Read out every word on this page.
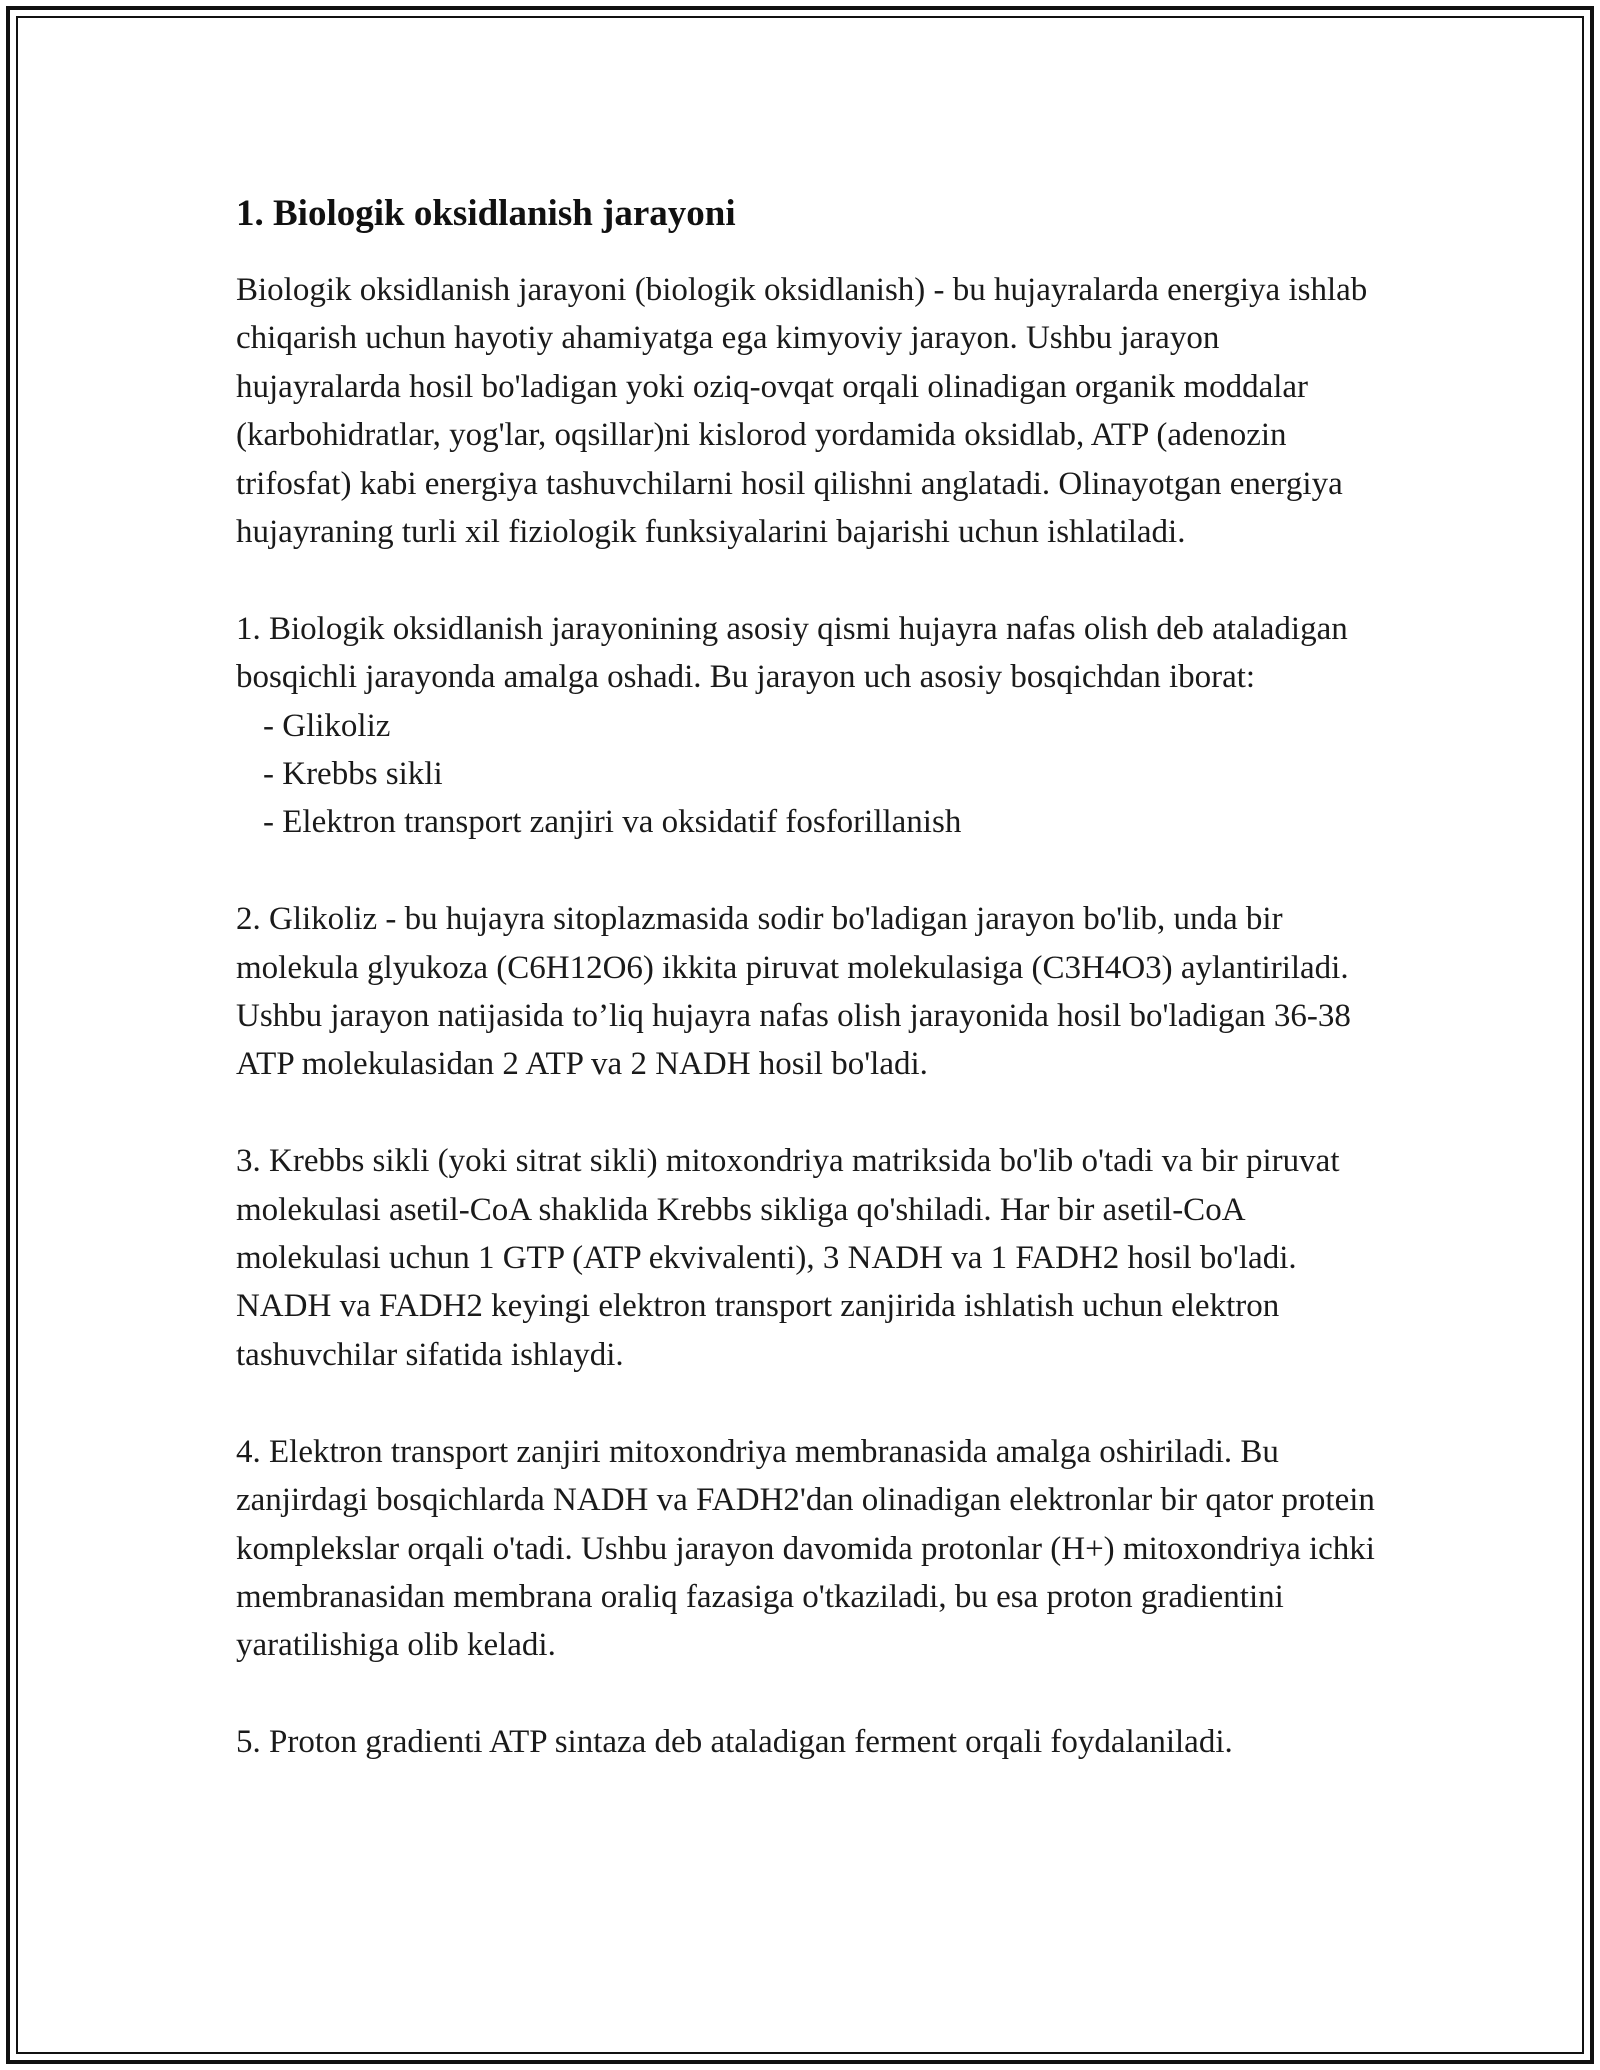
1. Biologik oksidlanish jarayoni

Biologik oksidlanish jarayoni (biologik oksidlanish) - bu hujayralarda energiya ishlab chiqarish uchun hayotiy ahamiyatga ega kimyoviy jarayon. Ushbu jarayon hujayralarda hosil bo'ladigan yoki oziq-ovqat orqali olinadigan organik moddalar (karbohidratlar, yog'lar, oqsillar)ni kislorod yordamida oksidlab, ATP (adenozin trifosfat) kabi energiya tashuvchilarni hosil qilishni anglatadi. Olinayotgan energiya hujayraning turli xil fiziologik funksiyalarini bajarishi uchun ishlatiladi.

1. Biologik oksidlanish jarayonining asosiy qismi hujayra nafas olish deb ataladigan bosqichli jarayonda amalga oshadi. Bu jarayon uch asosiy bosqichdan iborat:

- Glikoliz
- Krebbs sikli
- Elektron transport zanjiri va oksidatif fosforillanish

2. Glikoliz - bu hujayra sitoplazmasida sodir bo'ladigan jarayon bo'lib, unda bir molekula glyukoza (C6H12O6) ikkita piruvat molekulasiga (C3H4O3) aylantiriladi. Ushbu jarayon natijasida to’liq hujayra nafas olish jarayonida hosil bo'ladigan 36-38 ATP molekulasidan 2 ATP va 2 NADH hosil bo'ladi.

3. Krebbs sikli (yoki sitrat sikli) mitoxondriya matriksida bo'lib o'tadi va bir piruvat molekulasi asetil-CoA shaklida Krebbs sikliga qo'shiladi. Har bir asetil-CoA molekulasi uchun 1 GTP (ATP ekvivalenti), 3 NADH va 1 FADH2 hosil bo'ladi. NADH va FADH2 keyingi elektron transport zanjirida ishlatish uchun elektron tashuvchilar sifatida ishlaydi.

4. Elektron transport zanjiri mitoxondriya membranasida amalga oshiriladi. Bu zanjirdagi bosqichlarda NADH va FADH2'dan olinadigan elektronlar bir qator protein komplekslar orqali o'tadi. Ushbu jarayon davomida protonlar (H+) mitoxondriya ichki membranasidan membrana oraliq fazasiga o'tkaziladi, bu esa proton gradientini yaratilishiga olib keladi.

5. Proton gradienti ATP sintaza deb ataladigan ferment orqali foydalaniladi.
